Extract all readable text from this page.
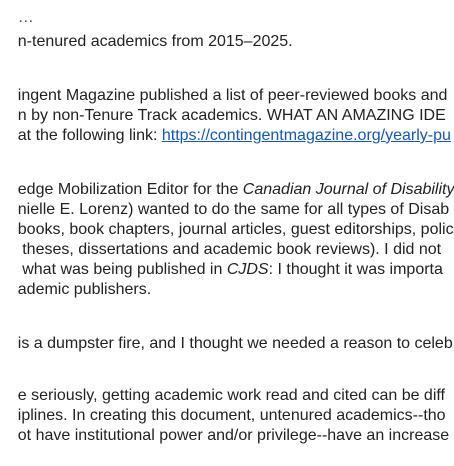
…

n-tenured academics from 2015–2025.

ingent Magazine published a list of peer-reviewed books and

n by non-Tenure Track academics. WHAT AN AMAZING IDE

at the following link: https://contingentmagazine.org/yearly-pu

edge Mobilization Editor for the Canadian Journal of Disability

nielle E. Lorenz) wanted to do the same for all types of Disab

books, book chapters, journal articles, guest editorships, polic

theses, dissertations and academic book reviews). I did not

what was being published in CJDS: I thought it was importa

ademic publishers.

is a dumpster fire, and I thought we needed a reason to celeb

e seriously, getting academic work read and cited can be diff

iplines. In creating this document, untenured academics--tho

ot have institutional power and/or privilege--have an increase
